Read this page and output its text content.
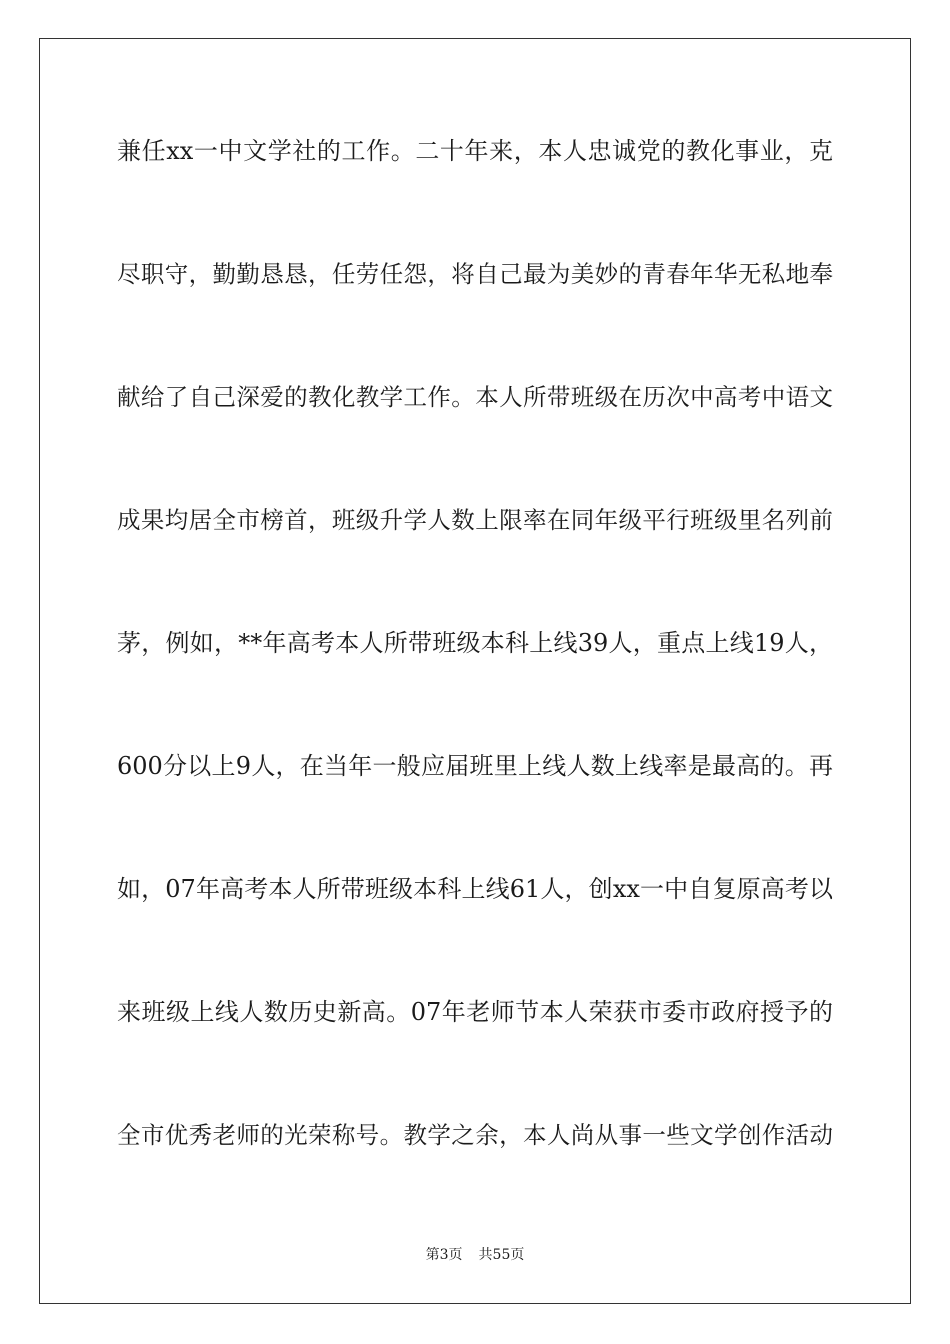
兼任xx一中文学社的工作。二十年来，本人忠诚党的教化事业，克
尽职守，勤勤恳恳，任劳任怨，将自己最为美妙的青春年华无私地奉
献给了自己深爱的教化教学工作。本人所带班级在历次中高考中语文
成果均居全市榜首，班级升学人数上限率在同年级平行班级里名列前
茅，例如，**年高考本人所带班级本科上线39人，重点上线19人，
600分以上9人，在当年一般应届班里上线人数上线率是最高的。再
如，07年高考本人所带班级本科上线61人，创xx一中自复原高考以
来班级上线人数历史新高。07年老师节本人荣获市委市政府授予的
全市优秀老师的光荣称号。教学之余，本人尚从事一些文学创作活动
第3页 共55页
